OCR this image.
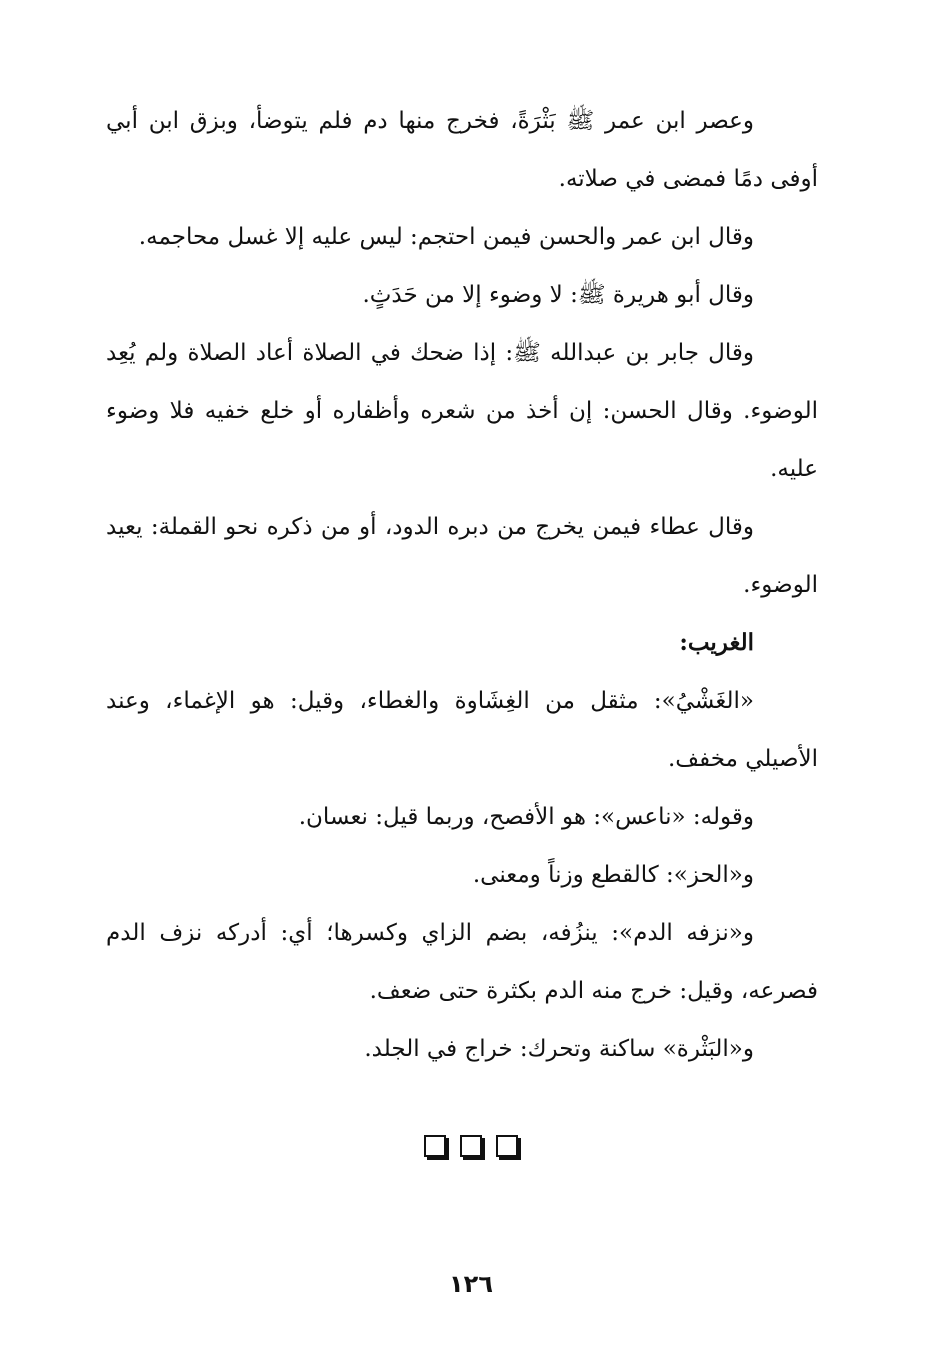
وعصر ابن عمر ﷺ بَثْرَةً، فخرج منها دم فلم يتوضأ، وبزق ابن أبي أوفى دمًا فمضى في صلاته.

وقال ابن عمر والحسن فيمن احتجم: ليس عليه إلا غسل محاجمه.

وقال أبو هريرة ﷺ: لا وضوء إلا من حَدَثٍ.

وقال جابر بن عبدالله ﷺ: إذا ضحك في الصلاة أعاد الصلاة ولم يُعِد الوضوء. وقال الحسن: إن أخذ من شعره وأظفاره أو خلع خفيه فلا وضوء عليه.

وقال عطاء فيمن يخرج من دبره الدود، أو من ذكره نحو القملة: يعيد الوضوء.

الغريب:

«الغَشْيُ»: مثقل من الغِشَاوة والغطاء، وقيل: هو الإغماء، وعند الأصيلي مخفف.

وقوله: «ناعس»: هو الأفصح، وربما قيل: نعسان.

و«الحز»: كالقطع وزناً ومعنى.

و«نزفه الدم»: ينزُفه، بضم الزاي وكسرها؛ أي: أدركه نزف الدم فصرعه، وقيل: خرج منه الدم بكثرة حتى ضعف.

و«البَثْرة» ساكنة وتحرك: خراج في الجلد.

١٢٦
